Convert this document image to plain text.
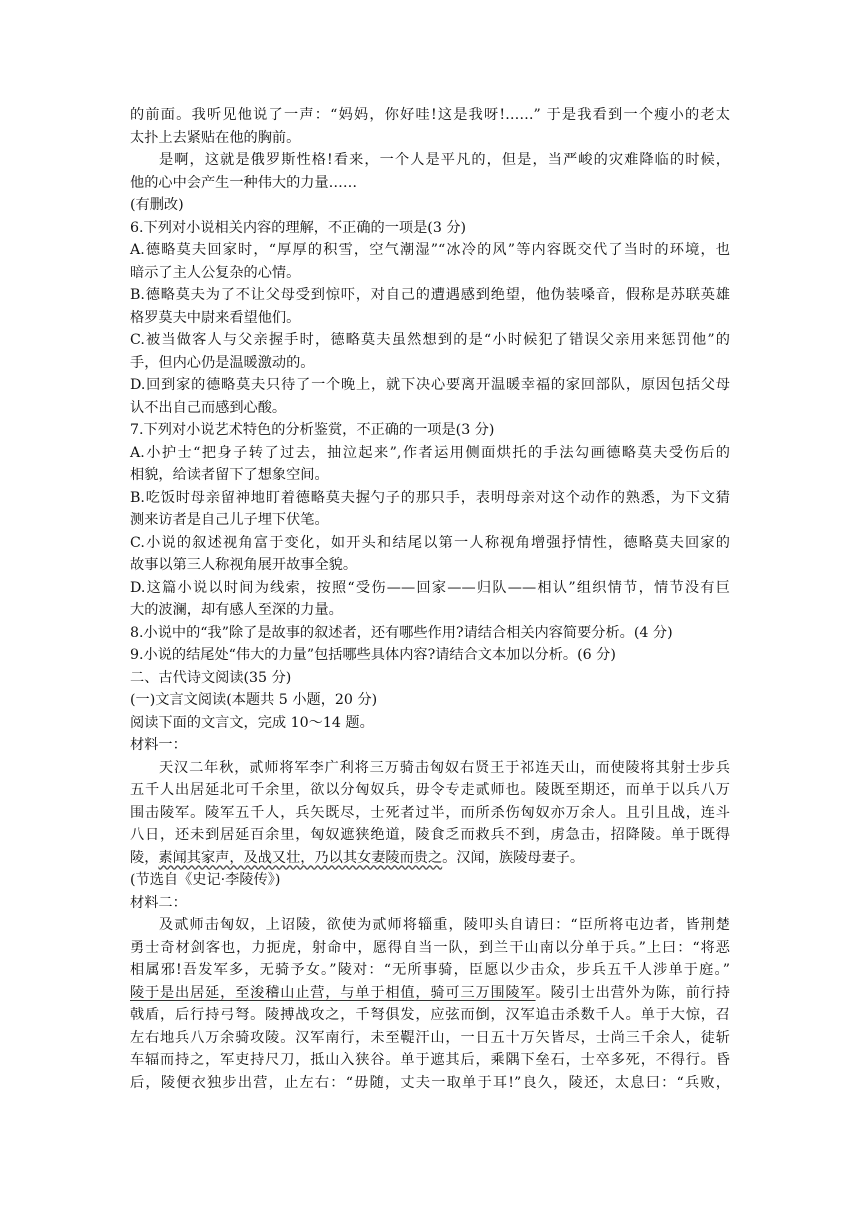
的前面。我听见他说了一声：“妈妈，你好哇!这是我呀!……” 于是我看到一个瘦小的老太
太扑上去紧贴在他的胸前。
是啊，这就是俄罗斯性格!看来，一个人是平凡的，但是，当严峻的灾难降临的时候，
他的心中会产生一种伟大的力量……
(有删改)
6.下列对小说相关内容的理解，不正确的一项是(3 分)
A.德略莫夫回家时，“厚厚的积雪，空气潮湿”“冰冷的风”等内容既交代了当时的环境，也
暗示了主人公复杂的心情。
B.德略莫夫为了不让父母受到惊吓，对自己的遭遇感到绝望，他伪装嗓音，假称是苏联英雄
格罗莫夫中尉来看望他们。
C.被当做客人与父亲握手时，德略莫夫虽然想到的是“小时候犯了错误父亲用来惩罚他”的
手，但内心仍是温暖激动的。
D.回到家的德略莫夫只待了一个晚上，就下决心要离开温暖幸福的家回部队，原因包括父母
认不出自己而感到心酸。
7.下列对小说艺术特色的分析鉴赏，不正确的一项是(3 分)
A.小护士“把身子转了过去，抽泣起来”,作者运用侧面烘托的手法勾画德略莫夫受伤后的
相貌，给读者留下了想象空间。
B.吃饭时母亲留神地盯着德略莫夫握勺子的那只手，表明母亲对这个动作的熟悉，为下文猜
测来访者是自己儿子埋下伏笔。
C.小说的叙述视角富于变化，如开头和结尾以第一人称视角增强抒情性，德略莫夫回家的
故事以第三人称视角展开故事全貌。
D.这篇小说以时间为线索，按照“受伤——回家——归队——相认”组织情节，情节没有巨
大的波澜，却有感人至深的力量。
8.小说中的“我”除了是故事的叙述者，还有哪些作用?请结合相关内容简要分析。(4 分)
9.小说的结尾处“伟大的力量”包括哪些具体内容?请结合文本加以分析。(6 分)
二、古代诗文阅读(35 分)
(一)文言文阅读(本题共 5 小题，20 分)
阅读下面的文言文，完成 10～14 题。
材料一：
天汉二年秋，贰师将军李广利将三万骑击匈奴右贤王于祁连天山，而使陵将其射士步兵
五千人出居延北可千余里，欲以分匈奴兵，毋令专走贰师也。陵既至期还，而单于以兵八万
围击陵军。陵军五千人，兵矢既尽，士死者过半，而所杀伤匈奴亦万余人。且引且战，连斗
八日，还未到居延百余里，匈奴遮狭绝道，陵食乏而救兵不到，虏急击，招降陵。单于既得
陵，素闻其家声，及战又壮，乃以其女妻陵而贵之。汉闻，族陵母妻子。
(节选自《史记·李陵传》)
材料二：
及贰师击匈奴，上诏陵，欲使为贰师将辎重，陵叩头自请曰：“臣所将屯边者，皆荆楚
勇士奇材剑客也，力扼虎，射命中，愿得自当一队，到兰干山南以分单于兵。”上曰：“将恶
相属邪!吾发军多，无骑予女。”陵对：“无所事骑，臣愿以少击众，步兵五千人涉单于庭。”
陵于是出居延，至浚稽山止营，与单于相值，骑可三万围陵军。陵引士出营外为陈，前行持
戟盾，后行持弓弩。陵搏战攻之，千弩俱发，应弦而倒，汉军追击杀数千人。单于大惊，召
左右地兵八万余骑攻陵。汉军南行，未至鞮汗山，一日五十万矢皆尽，士尚三千余人，徒斩
车辐而持之，军吏持尺刀，抵山入狭谷。单于遮其后，乘隅下垒石，士卒多死，不得行。昏
后，陵便衣独步出营，止左右：“毋随，丈夫一取单于耳!”良久，陵还，太息曰：“兵败，
